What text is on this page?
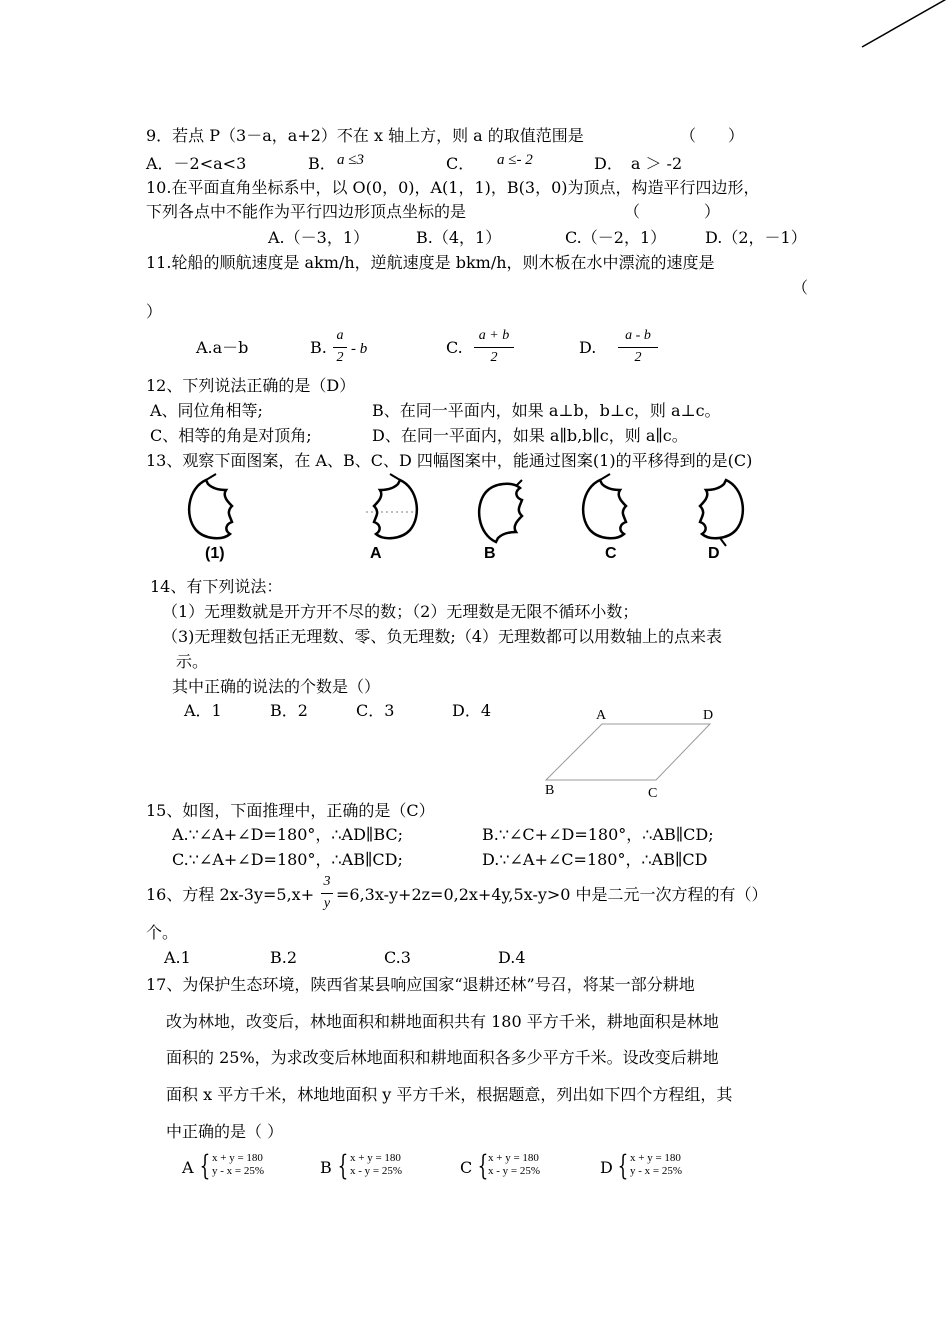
9．若点 P（3－a，a+2）不在 x 轴上方，则 a 的取值范围是	（　　）
A．－2<a<3	B． a ≤3	C． a ≤- 2	D．　a ＞ -2
10.在平面直角坐标系中，以 O(0，0)，A(1，1)，B(3，0)为顶点，构造平行四边形，
下列各点中不能作为平行四边形顶点坐标的是	（　　　　）
A.（－3，1）	B.（4，1）	C.（－2，1） D.（2，－1）
11.轮船的顺航速度是 akm/h，逆航速度是 bkm/h，则木板在水中漂流的速度是
（
）
A.a－b	B.
a
2
- b	C.
a + b
2
D.
a - b
2
12、下列说法正确的是（D）
A、同位角相等;	B、在同一平面内，如果 a⊥b，b⊥c，则 a⊥c。
C、相等的角是对顶角;	D、在同一平面内，如果 a∥b,b∥c，则 a∥c。
13、观察下面图案，在 A、B、C、D 四幅图案中，能通过图案(1)的平移得到的是(C)
(1)	A	B	C	D
14、有下列说法：
（1）无理数就是开方开不尽的数；（2）无理数是无限不循环小数；
（3)无理数包括正无理数、零、负无理数;（4）无理数都可以用数轴上的点来表
示。
其中正确的说法的个数是（）
A．1	B．2	C．3	D．4	A	D
B	C
15、如图，下面推理中，正确的是（C）
A.∵∠A+∠D=180°，∴AD∥BC;	B.∵∠C+∠D=180°，∴AB∥CD;
C.∵∠A+∠D=180°，∴AB∥CD;	D.∵∠A+∠C=180°，∴AB∥CD
16、方程 2x-3y=5,x+
3
y =6,3x-y+2z=0,2x+4y,5x-y>0 中是二元一次方程的有（）
个。
A.1	B.2	C.3	D.4
17、为保护生态环境，陕西省某县响应国家“退耕还林”号召，将某一部分耕地
改为林地，改变后，林地面积和耕地面积共有 180 平方千米，耕地面积是林地
面积的 25%，为求改变后林地面积和耕地面积各多少平方千米。设改变后耕地
面积 x 平方千米，林地地面积 y 平方千米，根据题意，列出如下四个方程组，其
中正确的是（ ）
A { x + y = 180
y - x = 25%	B { x + y = 180
x - y = 25%	C { x + y = 180
x - y = 25%	D { x + y = 180
y - x = 25%
